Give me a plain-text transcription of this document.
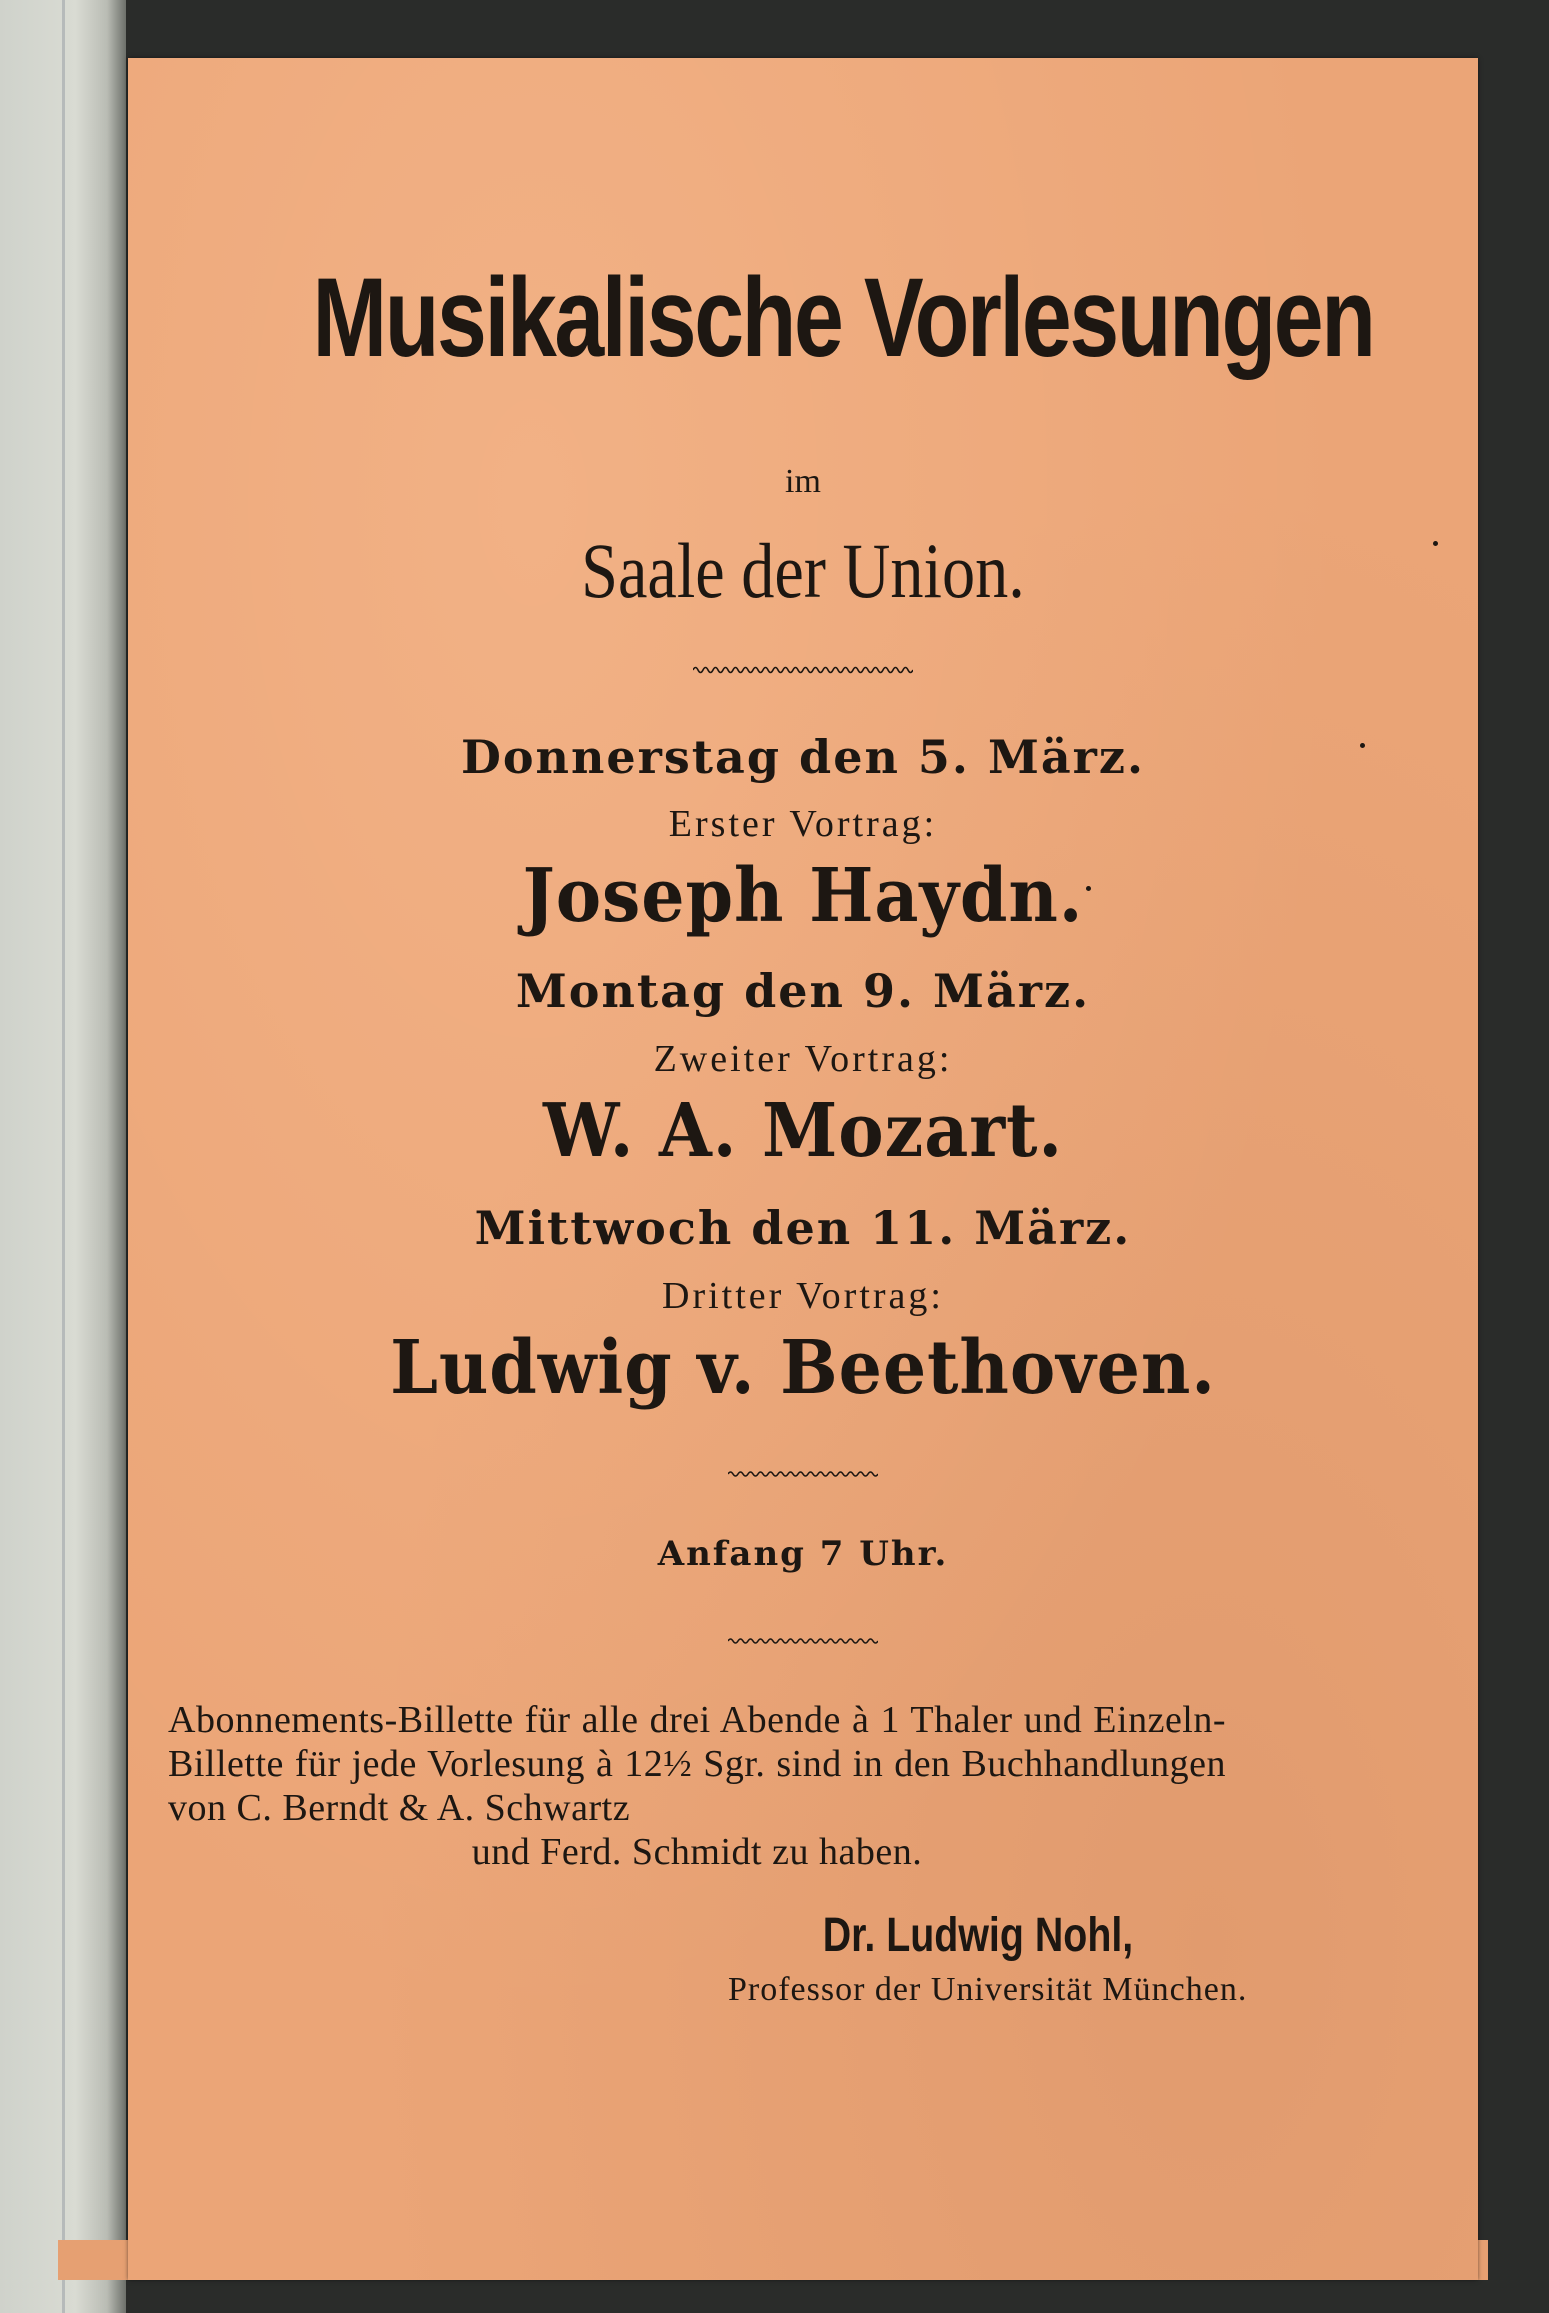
Musikalische Vorlesungen
im
Saale der Union.
Donnerstag den 5. März.
Erster Vortrag:
Joseph Haydn.
Montag den 9. März.
Zweiter Vortrag:
W. A. Mozart.
Mittwoch den 11. März.
Dritter Vortrag:
Ludwig v. Beethoven.
Anfang 7 Uhr.
Abonnements-Billette für alle drei Abende à 1 Thaler und Einzeln-Billette für jede Vorlesung à 12½ Sgr. sind in den Buchhandlungen von C. Berndt & A. Schwartz
und Ferd. Schmidt zu haben.
Dr. Ludwig Nohl,
Professor der Universität München.
